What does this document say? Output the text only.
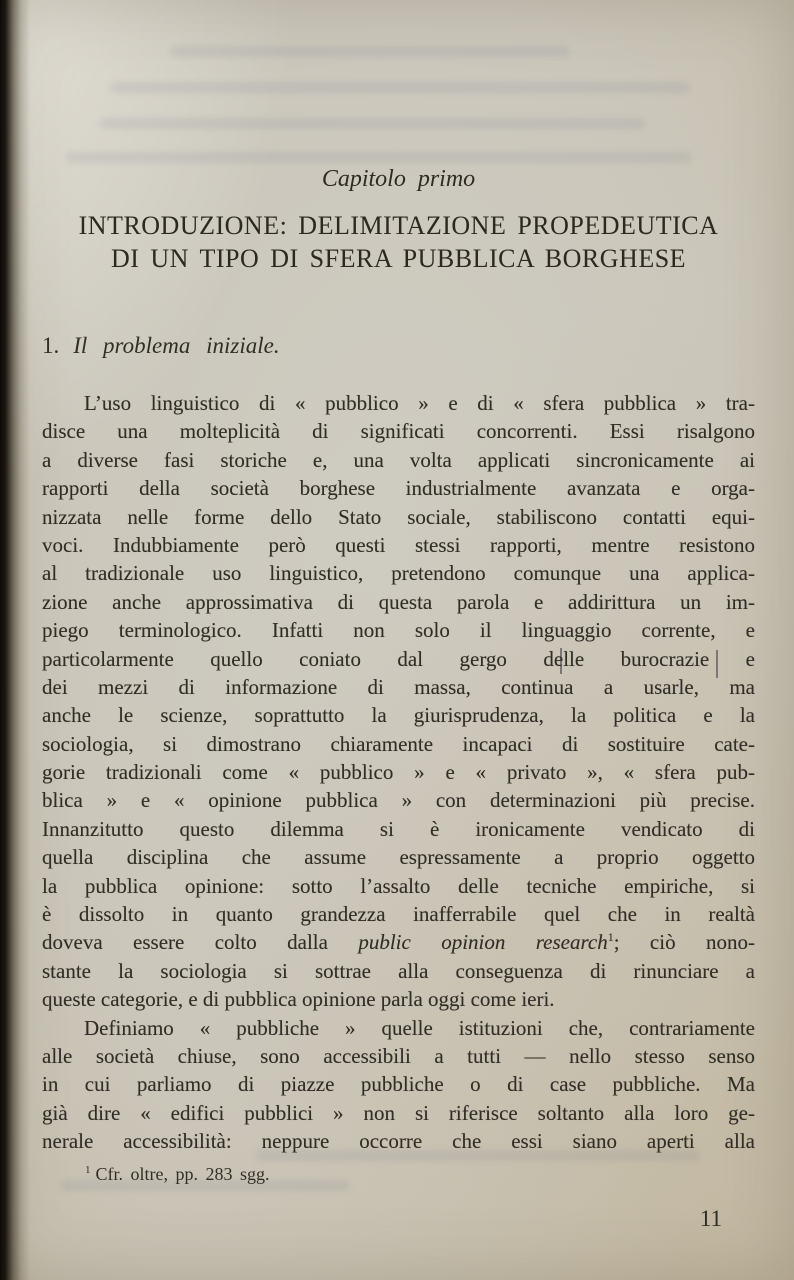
Capitolo primo
INTRODUZIONE: DELIMITAZIONE PROPEDEUTICA
DI UN TIPO DI SFERA PUBBLICA BORGHESE
1. Il problema iniziale.
L’uso linguistico di « pubblico » e di « sfera pubblica » tra-
disce una molteplicità di significati concorrenti. Essi risalgono
a diverse fasi storiche e, una volta applicati sincronicamente ai
rapporti della società borghese industrialmente avanzata e orga-
nizzata nelle forme dello Stato sociale, stabiliscono contatti equi-
voci. Indubbiamente però questi stessi rapporti, mentre resistono
al tradizionale uso linguistico, pretendono comunque una applica-
zione anche approssimativa di questa parola e addirittura un im-
piego terminologico. Infatti non solo il linguaggio corrente, e
particolarmente quello coniato dal gergo delle burocrazie e
dei mezzi di informazione di massa, continua a usarle, ma
anche le scienze, soprattutto la giurisprudenza, la politica e la
sociologia, si dimostrano chiaramente incapaci di sostituire cate-
gorie tradizionali come « pubblico » e « privato », « sfera pub-
blica » e « opinione pubblica » con determinazioni più precise.
Innanzitutto questo dilemma si è ironicamente vendicato di
quella disciplina che assume espressamente a proprio oggetto
la pubblica opinione: sotto l’assalto delle tecniche empiriche, si
è dissolto in quanto grandezza inafferrabile quel che in realtà
doveva essere colto dalla public opinion research$^1$; ciò nono-
stante la sociologia si sottrae alla conseguenza di rinunciare a
queste categorie, e di pubblica opinione parla oggi come ieri.
Definiamo « pubbliche » quelle istituzioni che, contrariamente
alle società chiuse, sono accessibili a tutti — nello stesso senso
in cui parliamo di piazze pubbliche o di case pubbliche. Ma
già dire « edifici pubblici » non si riferisce soltanto alla loro ge-
nerale accessibilità: neppure occorre che essi siano aperti alla
$^1$ Cfr. oltre, pp. 283 sgg.
11
